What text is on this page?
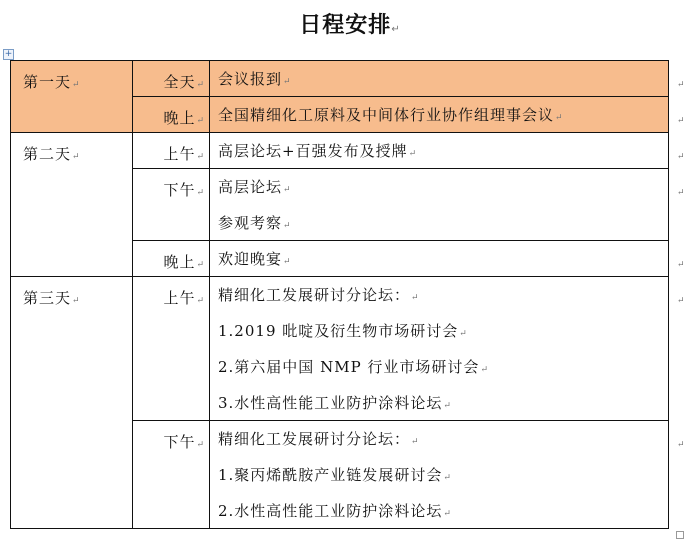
日程安排↵
+
第一天↵	全天↵	会议报到↵

	晚上↵	全国精细化工原料及中间体行业协作组理事会议↵

第二天↵	上午↵	高层论坛+百强发布及授牌↵

	下午↵	高层论坛↵
参观考察↵

	晚上↵	欢迎晚宴↵

第三天↵	上午↵	精细化工发展研讨分论坛：↵
1.2019 吡啶及衍生物市场研讨会↵
2.第六届中国 NMP 行业市场研讨会↵
3.水性高性能工业防护涂料论坛↵

	下午↵	精细化工发展研讨分论坛：↵
1.聚丙烯酰胺产业链发展研讨会↵
2.水性高性能工业防护涂料论坛↵
↵
↵
↵
↵
↵
↵
↵
